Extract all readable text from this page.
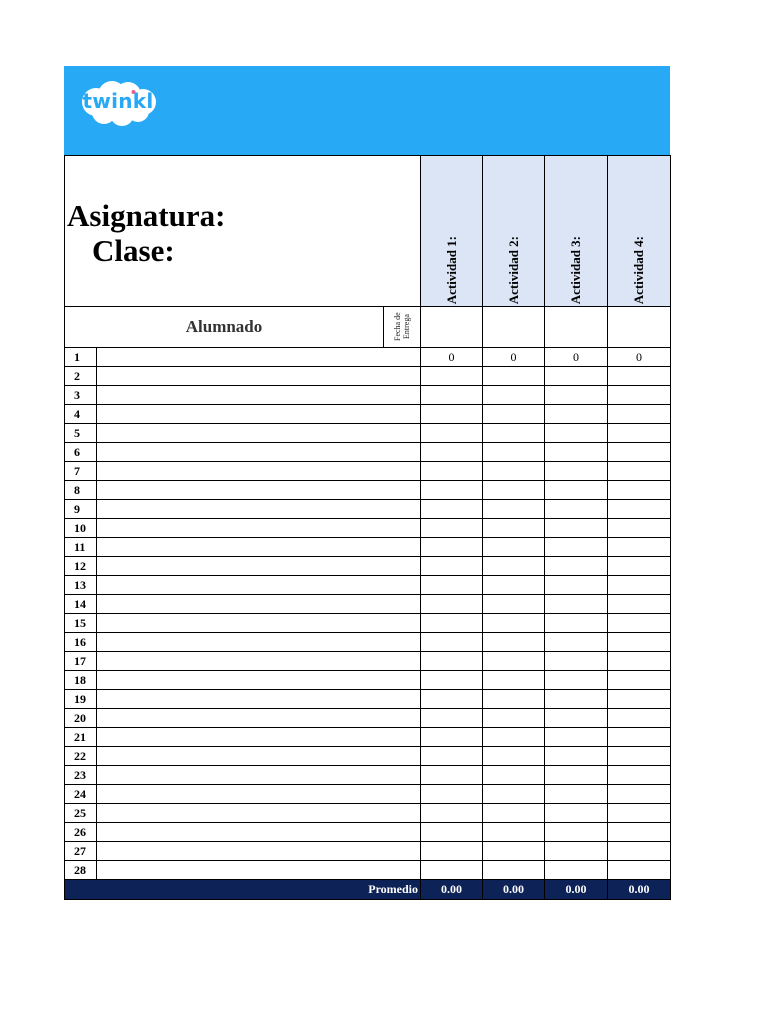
twinkl
Asignatura:
Clase:			Actividad 1:	Actividad 2:	Actividad 3:	Actividad 4:

Alumnado		Fecha de Entrega				

1			0	0	0	0
2						
3						
4						
5						
6						
7						
8						
9						
10						
11						
12						
13						
14						
15						
16						
17						
18						
19						
20						
21						
22						
23						
24						
25						
26						
27						
28						
Promedio			0.00	0.00	0.00	0.00
